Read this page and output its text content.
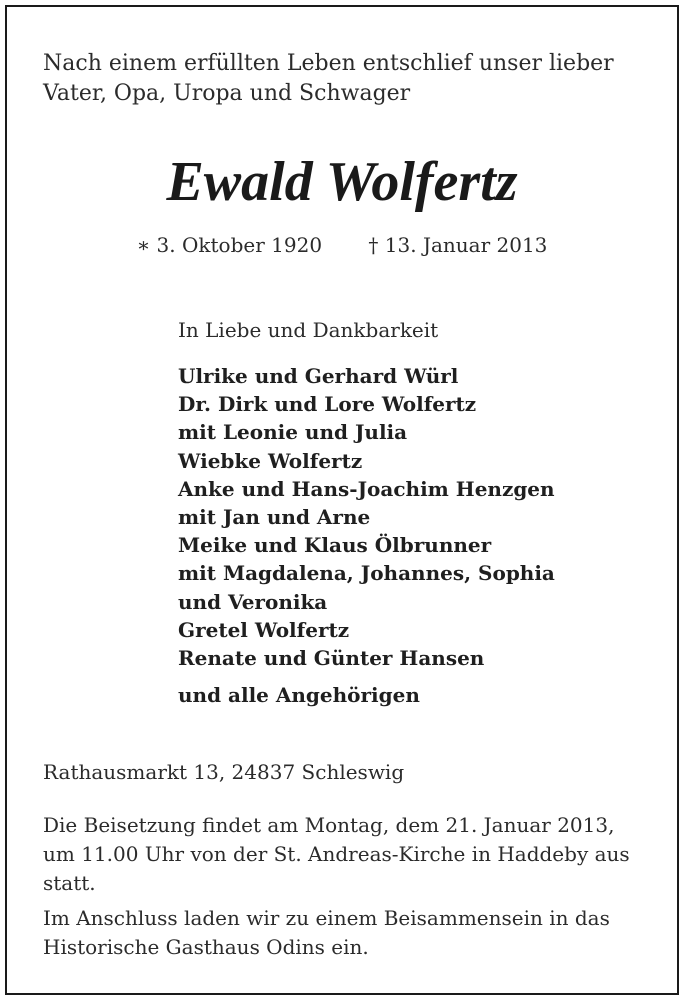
Nach einem erfüllten Leben entschlief unser lieber Vater, Opa, Uropa und Schwager

Ewald Wolfertz
∗ 3. Oktober 1920 † 13. Januar 2013

In Liebe und Dankbarkeit

Ulrike und Gerhard Würl
Dr. Dirk und Lore Wolfertz
mit Leonie und Julia
Wiebke Wolfertz
Anke und Hans-Joachim Henzgen
mit Jan und Arne
Meike und Klaus Ölbrunner
mit Magdalena, Johannes, Sophia
und Veronika
Gretel Wolfertz
Renate und Günter Hansen

und alle Angehörigen

Rathausmarkt 13, 24837 Schleswig

Die Beisetzung findet am Montag, dem 21. Januar 2013, um 11.00 Uhr von der St. Andreas-Kirche in Haddeby aus statt.

Im Anschluss laden wir zu einem Beisammensein in das Historische Gasthaus Odins ein.
